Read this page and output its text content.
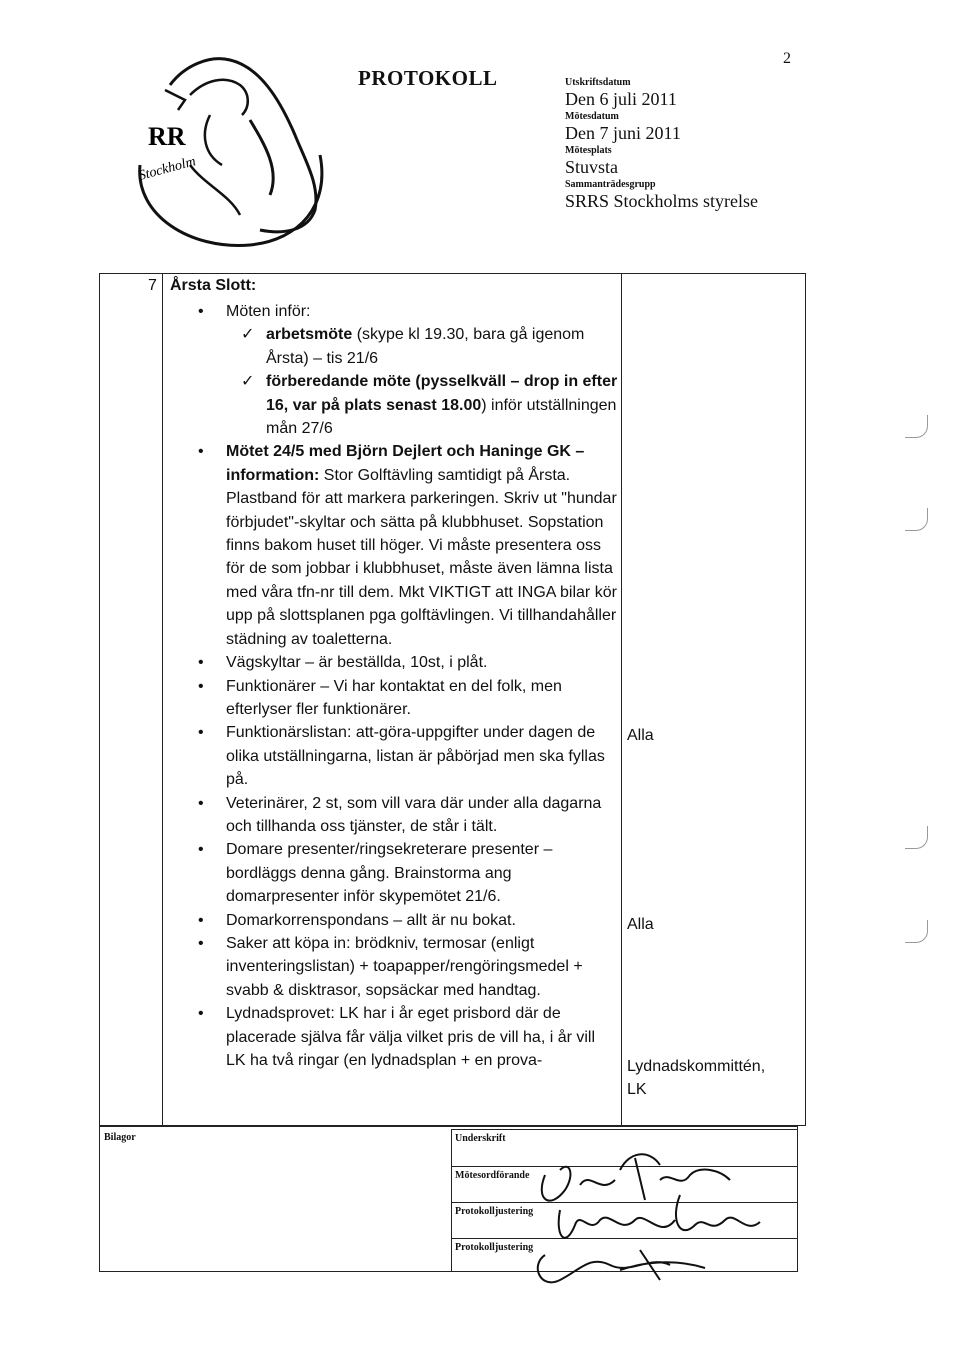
2
RR
Stockholm
PROTOKOLL	Utskriftsdatum
Den 6 juli 2011
Mötesdatum
Den 7 juni 2011
Mötesplats
Stuvsta
Sammanträdesgrupp
SRRS Stockholms styrelse
7 Årsta Slott:
• Möten inför:
✓ arbetsmöte (skype kl 19.30, bara gå igenom Årsta) – tis 21/6
✓ förberedande möte (pysselkväll – drop in efter 16, var på plats senast 18.00) inför utställningen mån 27/6
• Mötet 24/5 med Björn Dejlert och Haninge GK – information: Stor Golftävling samtidigt på Årsta. Plastband för att markera parkeringen. Skriv ut "hundar förbjudet"-skyltar och sätta på klubbhuset. Sopstation finns bakom huset till höger. Vi måste presentera oss för de som jobbar i klubbhuset, måste även lämna lista med våra tfn-nr till dem. Mkt VIKTIGT att INGA bilar kör upp på slottsplanen pga golftävlingen. Vi tillhandahåller städning av toaletterna.
• Vägskyltar – är beställda, 10st, i plåt.
• Funktionärer – Vi har kontaktat en del folk, men efterlyser fler funktionärer.
• Funktionärslistan: att-göra-uppgifter under dagen de olika utställningarna, listan är påbörjad men ska fyllas på.
• Veterinärer, 2 st, som vill vara där under alla dagarna och tillhanda oss tjänster, de står i tält.
• Domare presenter/ringsekreterare presenter – bordläggs denna gång. Brainstorma ang domarpresenter inför skypemötet 21/6.
• Domarkorrenspondans – allt är nu bokat.
• Saker att köpa in: brödkniv, termosar (enligt inventeringslistan) + toapapper/rengöringsmedel + svabb & disktrasor, sopsäckar med handtag.
• Lydnadsprovet: LK har i år eget prisbord där de placerade själva får välja vilket pris de vill ha, i år vill LK ha två ringar (en lydnadsplan + en prova-
Alla
Alla
Lydnadskommittén,
LK
Bilagor	Underskrift
Mötesordförande
Protokolljustering
Protokolljustering
